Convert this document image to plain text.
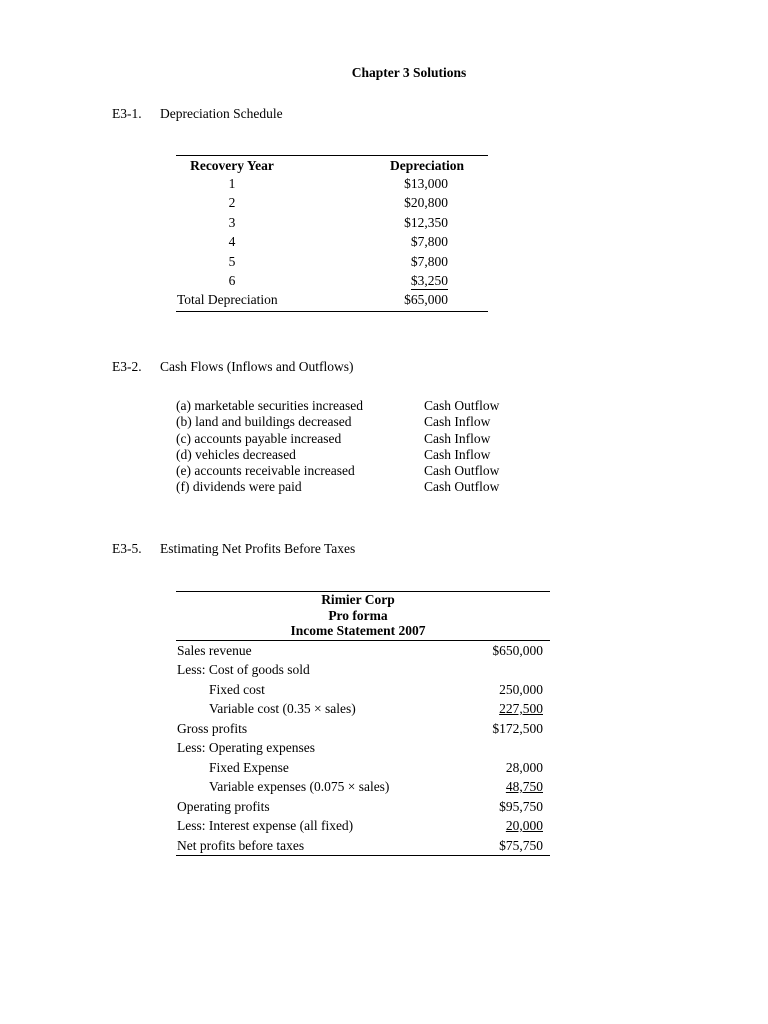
Chapter 3 Solutions
E3-1. Depreciation Schedule
Recovery Year	Depreciation
1	$13,000
2	$20,800
3	$12,350
4	$7,800
5	$7,800
6	$3,250
Total Depreciation	$65,000
E3-2. Cash Flows (Inflows and Outflows)
(a) marketable securities increased	Cash Outflow
(b) land and buildings decreased	Cash Inflow
(c) accounts payable increased	Cash Inflow
(d) vehicles decreased	Cash Inflow
(e) accounts receivable increased	Cash Outflow
(f) dividends were paid	Cash Outflow
E3-5. Estimating Net Profits Before Taxes
Rimier Corp
Pro forma
Income Statement 2007
Sales revenue	$650,000
Less: Cost of goods sold
Fixed cost	250,000
Variable cost (0.35 × sales)	227,500
Gross profits	$172,500
Less: Operating expenses
Fixed Expense	28,000
Variable expenses (0.075 × sales)	48,750
Operating profits	$95,750
Less: Interest expense (all fixed)	20,000
Net profits before taxes	$75,750
